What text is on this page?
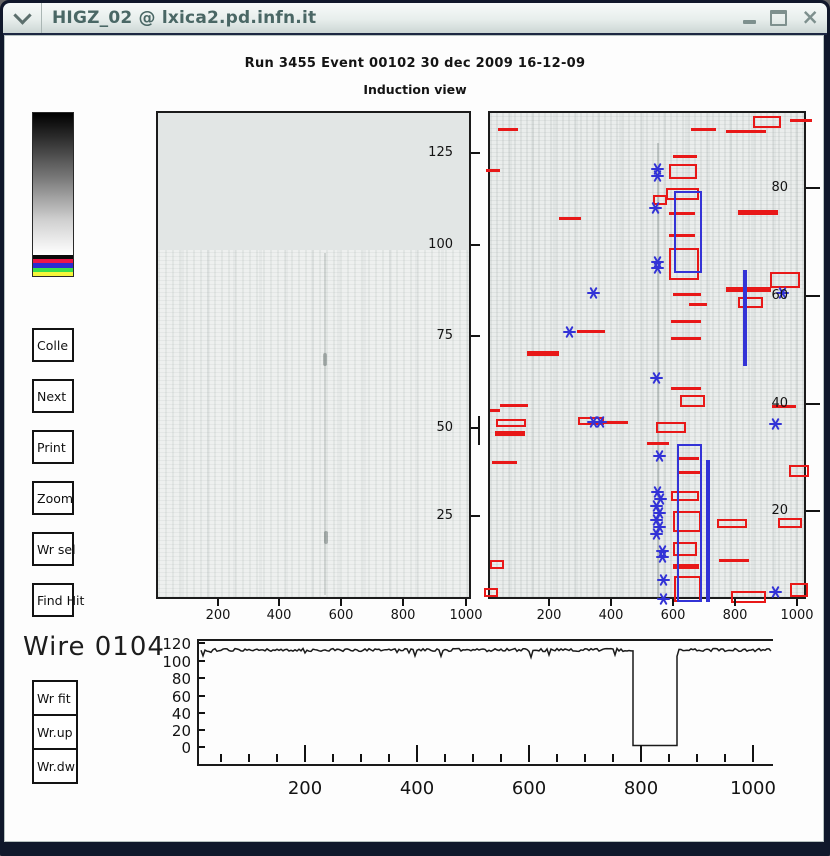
HIGZ_02 @ lxica2.pd.infn.it	×
Run 3455 Event 00102 30 dec 2009 16-12-09
Induction view
Colle
Next
Print
Zoom
Wr sel
Find Hit
Wire 0104
Wr fit
Wr.up
Wr.dw
125
100
75
50
25
200	400	600	800	1000
80
60
40
20
200	400	600	800	1000
120
100
80
60
40
20
0
200	400	600	800	1000
